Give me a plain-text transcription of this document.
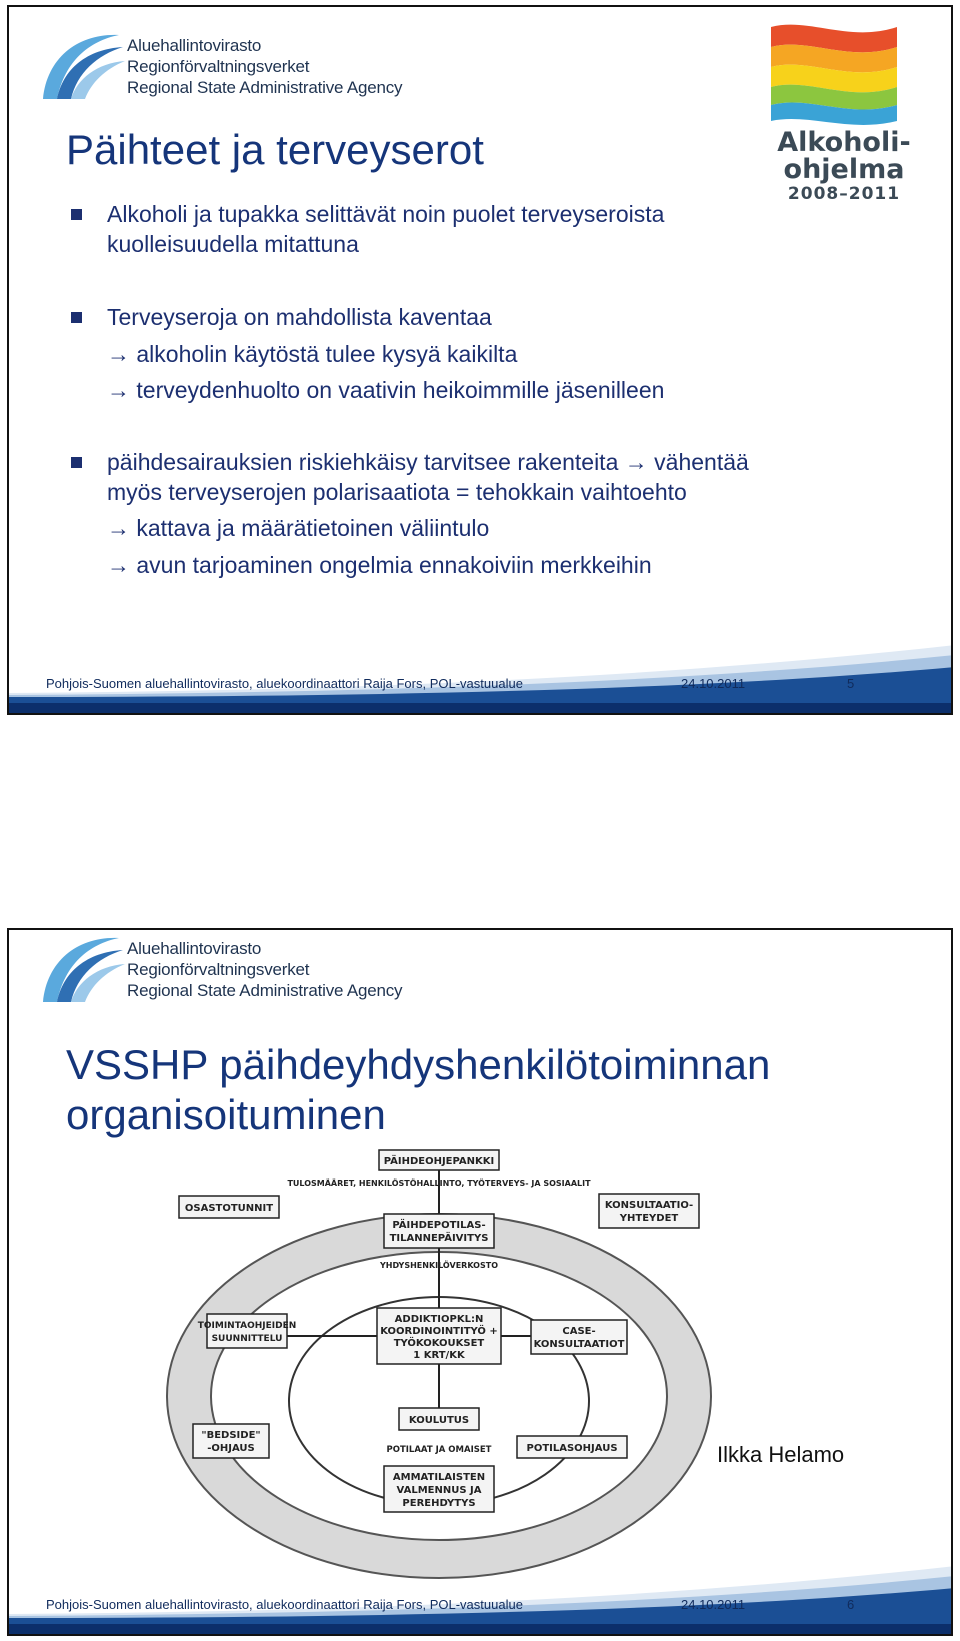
Aluehallintovirasto
Regionförvaltningsverket
Regional State Administrative Agency
Alkoholi-
ohjelma
2008–2011
Päihteet ja terveyserot
Alkoholi ja tupakka selittävät noin puolet terveyseroista
kuolleisuudella mitattuna
Terveyseroja on mahdollista kaventaa
→ alkoholin käytöstä tulee kysyä kaikilta
→ terveydenhuolto on vaativin heikoimmille jäsenilleen
päihdesairauksien riskiehkäisy tarvitsee rakenteita → vähentää
myös terveyserojen polarisaatiota = tehokkain vaihtoehto
→ kattava ja määrätietoinen väliintulo
→ avun tarjoaminen ongelmia ennakoiviin merkkeihin
Pohjois-Suomen aluehallintovirasto, aluekoordinaattori Raija Fors, POL-vastuualue	24.10.2011	5
Aluehallintovirasto
Regionförvaltningsverket
Regional State Administrative Agency
VSSHP päihdeyhdyshenkilötoiminnan
organisoituminen
PÄIHDEOHJEPANKKI
TULOSMÄÄRET, HENKILÖSTÖHALLINTO, TYÖTERVEYS- JA SOSIAALIT
OSASTOTUNNIT	KONSULTAATIO-
YHTEYDET
PÄIHDEPOTILAS-
TILANNEPÄIVITYS
YHDYSHENKILÖVERKOSTO
TOIMINTAOHJEIDEN
SUUNNITTELU
ADDIKTIOPKL:N
KOORDINOINTITYÖ +
TYÖKOKOUKSET
1 KRT/KK
CASE-
KONSULTAATIOT
KOULUTUS
"BEDSIDE"
-OHJAUS	POTILAAT JA OMAISET	POTILASOHJAUS
AMMATILAISTEN
VALMENNUS JA
PEREHDYTYS
Ilkka Helamo
Pohjois-Suomen aluehallintovirasto, aluekoordinaattori Raija Fors, POL-vastuualue	24.10.2011	6
